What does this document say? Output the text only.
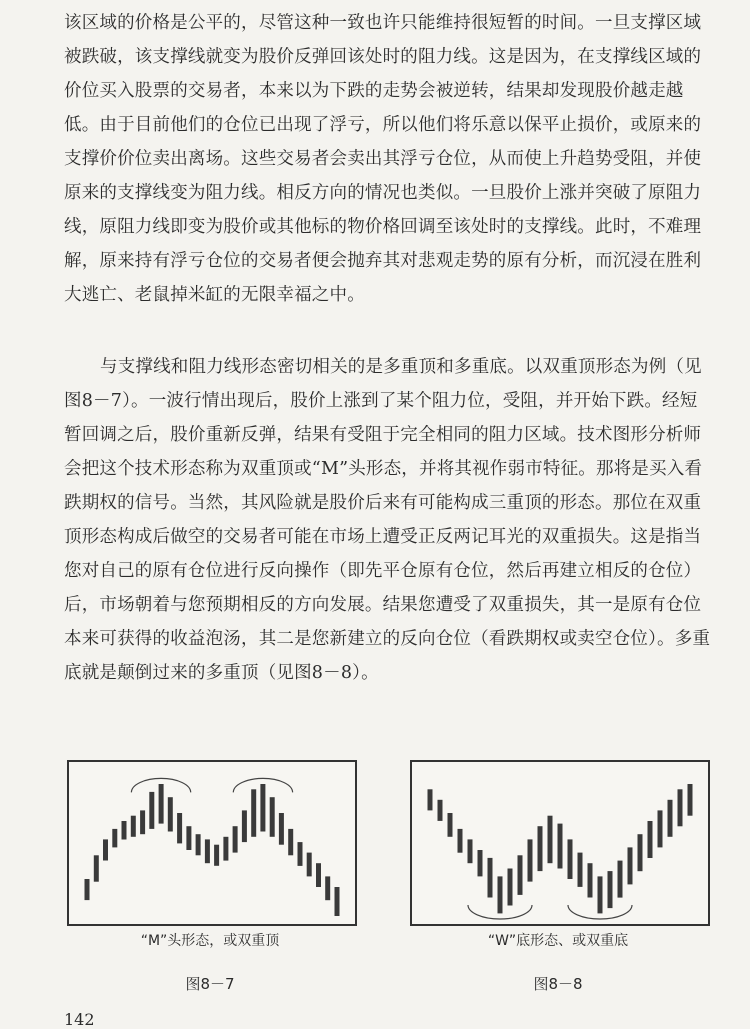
该区域的价格是公平的，尽管这种一致也许只能维持很短暂的时间。一旦支撑区域被跌破，该支撑线就变为股价反弹回该处时的阻力线。这是因为，在支撑线区域的价位买入股票的交易者，本来以为下跌的走势会被逆转，结果却发现股价越走越低。由于目前他们的仓位已出现了浮亏，所以他们将乐意以保平止损价，或原来的支撑价价位卖出离场。这些交易者会卖出其浮亏仓位，从而使上升趋势受阻，并使原来的支撑线变为阻力线。相反方向的情况也类似。一旦股价上涨并突破了原阻力线，原阻力线即变为股价或其他标的物价格回调至该处时的支撑线。此时，不难理解，原来持有浮亏仓位的交易者便会抛弃其对悲观走势的原有分析，而沉浸在胜利大逃亡、老鼠掉米缸的无限幸福之中。

与支撑线和阻力线形态密切相关的是多重顶和多重底。以双重顶形态为例（见图8－7）。一波行情出现后，股价上涨到了某个阻力位，受阻，并开始下跌。经短暂回调之后，股价重新反弹，结果有受阻于完全相同的阻力区域。技术图形分析师会把这个技术形态称为双重顶或“M”头形态，并将其视作弱市特征。那将是买入看跌期权的信号。当然，其风险就是股价后来有可能构成三重顶的形态。那位在双重顶形态构成后做空的交易者可能在市场上遭受正反两记耳光的双重损失。这是指当您对自己的原有仓位进行反向操作（即先平仓原有仓位，然后再建立相反的仓位）后，市场朝着与您预期相反的方向发展。结果您遭受了双重损失，其一是原有仓位本来可获得的收益泡汤，其二是您新建立的反向仓位（看跌期权或卖空仓位）。多重底就是颠倒过来的多重顶（见图8－8）。

“M”头形态，或双重顶	“W”底形态、或双重底
图8－7	图8－8
142
